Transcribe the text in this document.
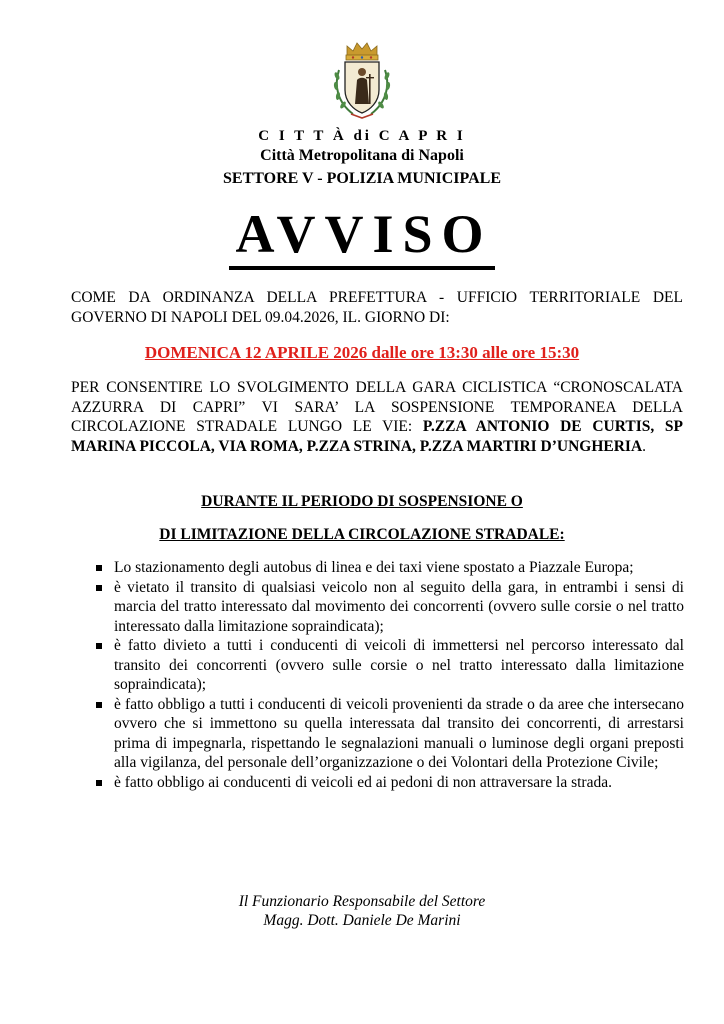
C I T T À di C A P R I
Città Metropolitana di Napoli
SETTORE V - POLIZIA MUNICIPALE
AVVISO
COME DA ORDINANZA DELLA PREFETTURA - UFFICIO TERRITORIALE DEL GOVERNO DI NAPOLI DEL 09.04.2026, IL. GIORNO DI:
DOMENICA 12 APRILE 2026 dalle ore 13:30 alle ore 15:30
PER CONSENTIRE LO SVOLGIMENTO DELLA GARA CICLISTICA “CRONOSCALATA AZZURRA DI CAPRI” VI SARA’ LA SOSPENSIONE TEMPORANEA DELLA CIRCOLAZIONE STRADALE LUNGO LE VIE: P.ZZA ANTONIO DE CURTIS, SP MARINA PICCOLA, VIA ROMA, P.ZZA STRINA, P.ZZA MARTIRI D’UNGHERIA.
DURANTE IL PERIODO DI SOSPENSIONE O
DI LIMITAZIONE DELLA CIRCOLAZIONE STRADALE:
Lo stazionamento degli autobus di linea e dei taxi viene spostato a Piazzale Europa;
è vietato il transito di qualsiasi veicolo non al seguito della gara, in entrambi i sensi di marcia del tratto interessato dal movimento dei concorrenti (ovvero sulle corsie o nel tratto interessato dalla limitazione sopraindicata);
è fatto divieto a tutti i conducenti di veicoli di immettersi nel percorso interessato dal transito dei concorrenti (ovvero sulle corsie o nel tratto interessato dalla limitazione sopraindicata);
è fatto obbligo a tutti i conducenti di veicoli provenienti da strade o da aree che intersecano ovvero che si immettono su quella interessata dal transito dei concorrenti, di arrestarsi prima di impegnarla, rispettando le segnalazioni manuali o luminose degli organi preposti alla vigilanza, del personale dell’organizzazione o dei Volontari della Protezione Civile;
è fatto obbligo ai conducenti di veicoli ed ai pedoni di non attraversare la strada.
Il Funzionario Responsabile del Settore
Magg. Dott. Daniele De Marini
